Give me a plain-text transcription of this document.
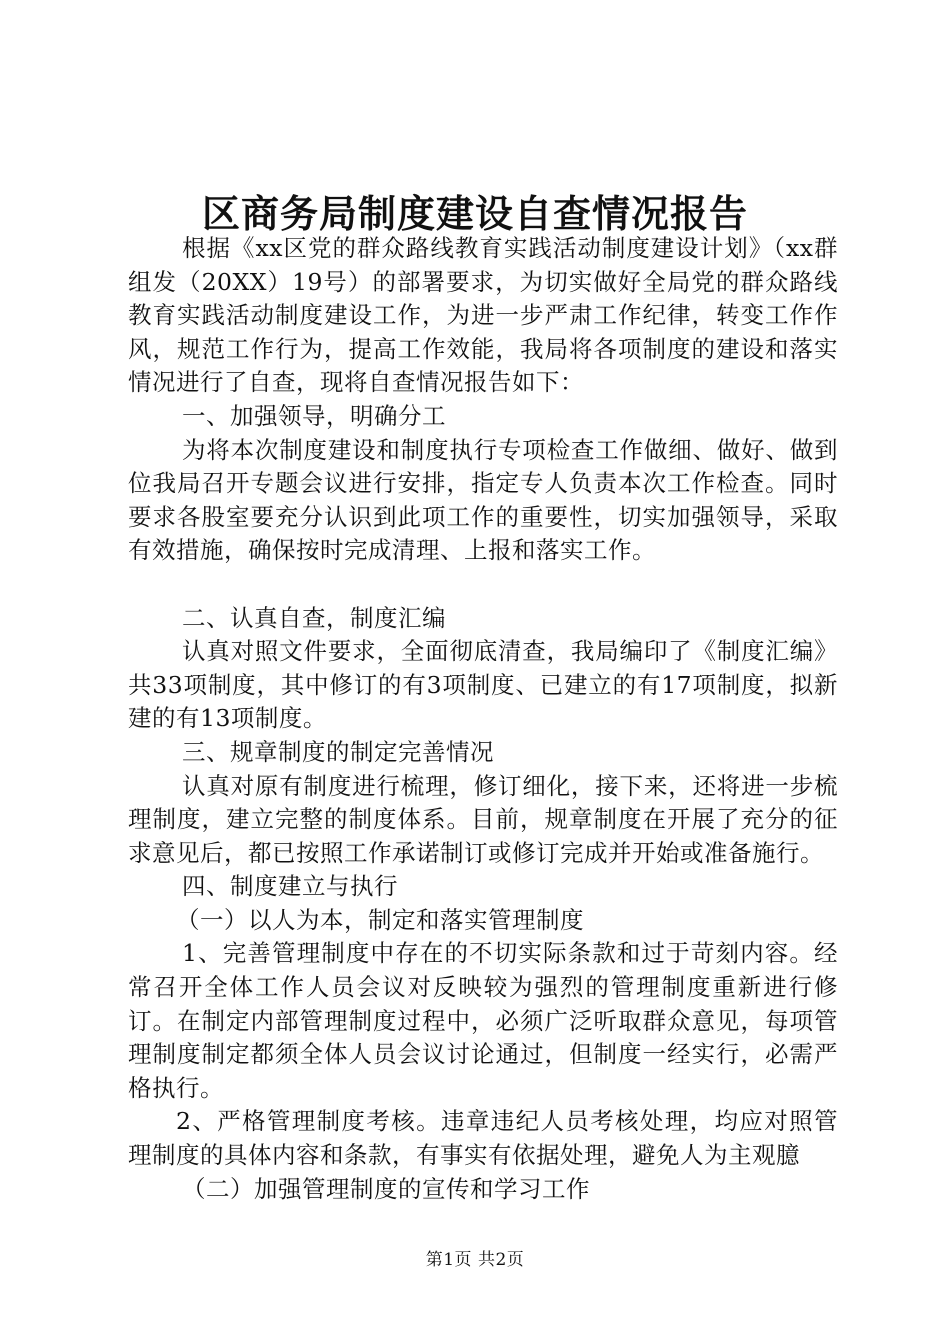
区商务局制度建设自查情况报告

根据《xx区党的群众路线教育实践活动制度建设计划》（xx群组发（20XX）19号）的部署要求，为切实做好全局党的群众路线教育实践活动制度建设工作，为进一步严肃工作纪律，转变工作作风，规范工作行为，提高工作效能，我局将各项制度的建设和落实情况进行了自查，现将自查情况报告如下：

一、加强领导，明确分工

为将本次制度建设和制度执行专项检查工作做细、做好、做到位我局召开专题会议进行安排，指定专人负责本次工作检查。同时要求各股室要充分认识到此项工作的重要性，切实加强领导，采取有效措施，确保按时完成清理、上报和落实工作。

二、认真自查，制度汇编

认真对照文件要求，全面彻底清查，我局编印了《制度汇编》共33项制度，其中修订的有3项制度、已建立的有17项制度，拟新建的有13项制度。

三、规章制度的制定完善情况

认真对原有制度进行梳理，修订细化，接下来，还将进一步梳理制度，建立完整的制度体系。目前，规章制度在开展了充分的征求意见后，都已按照工作承诺制订或修订完成并开始或准备施行。

四、制度建立与执行

（一）以人为本，制定和落实管理制度

1、完善管理制度中存在的不切实际条款和过于苛刻内容。经常召开全体工作人员会议对反映较为强烈的管理制度重新进行修订。在制定内部管理制度过程中，必须广泛听取群众意见，每项管理制度制定都须全体人员会议讨论通过，但制度一经实行，必需严格执行。

2、严格管理制度考核。违章违纪人员考核处理，均应对照管理制度的具体内容和条款，有事实有依据处理，避免人为主观臆

（二）加强管理制度的宣传和学习工作

第1页 共2页
